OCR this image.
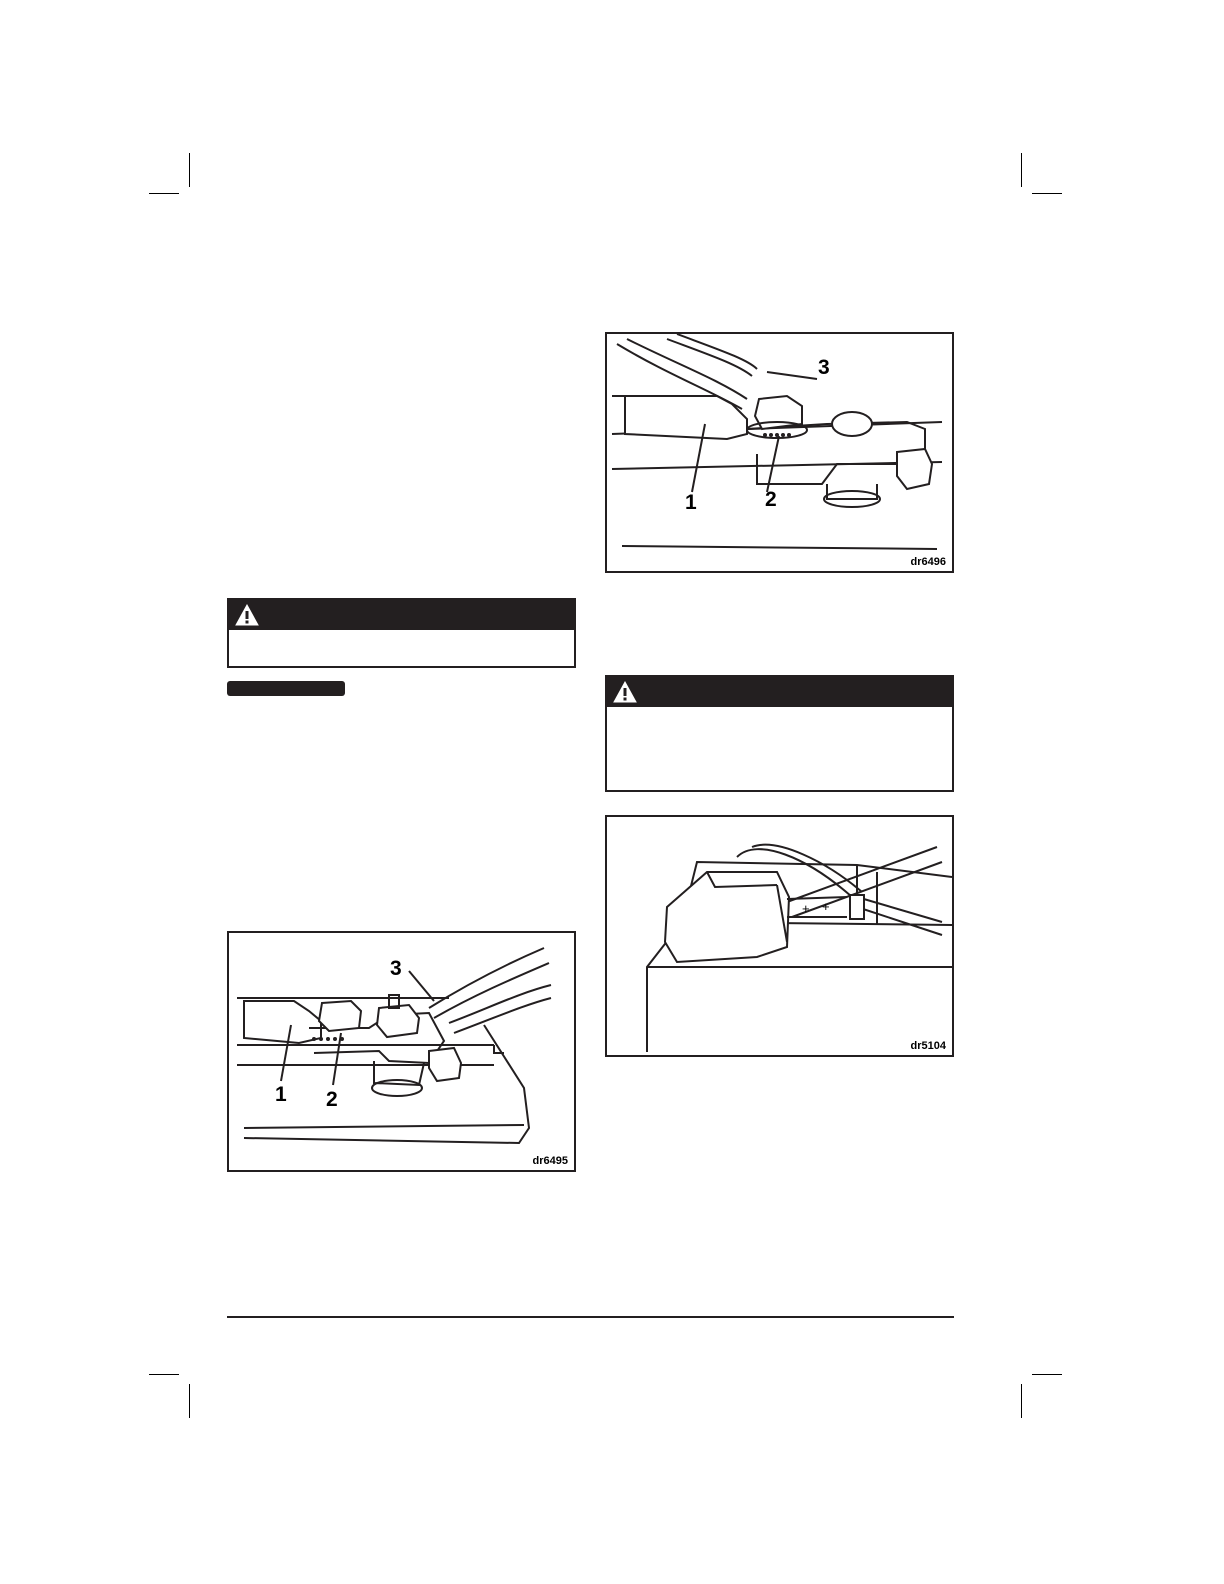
1	2
3
dr6496
+ +
dr5104
1 2
3
dr6495
